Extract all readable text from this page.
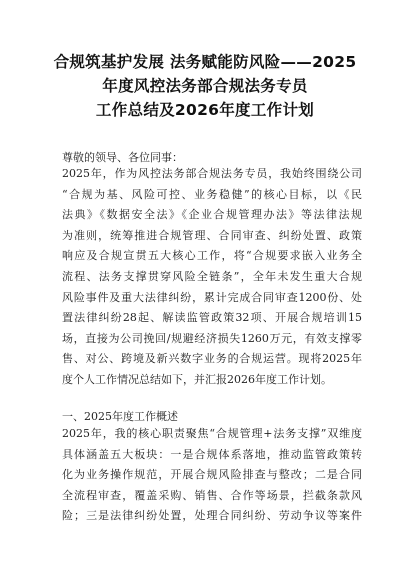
合规筑基护发展 法务赋能防风险——2025
年度风控法务部合规法务专员
工作总结及2026年度工作计划
尊敬的领导、各位同事：
2025年，作为风控法务部合规法务专员，我始终围绕公司
“合规为基、风险可控、业务稳健”的核心目标，以《民
法典》《数据安全法》《企业合规管理办法》等法律法规
为准则，统筹推进合规管理、合同审查、纠纷处置、政策
响应及合规宣贯五大核心工作，将“合规要求嵌入业务全
流程、法务支撑贯穿风险全链条”，全年未发生重大合规
风险事件及重大法律纠纷，累计完成合同审查1200份、处
置法律纠纷28起、解读监管政策32项、开展合规培训15
场，直接为公司挽回/规避经济损失1260万元，有效支撑零
售、对公、跨境及新兴数字业务的合规运营。现将2025年
度个人工作情况总结如下，并汇报2026年度工作计划。
一、2025年度工作概述
2025年，我的核心职责聚焦“合规管理+法务支撑”双维度
具体涵盖五大板块：一是合规体系落地，推动监管政策转
化为业务操作规范，开展合规风险排查与整改；二是合同
全流程审查，覆盖采购、销售、合作等场景，拦截条款风
险；三是法律纠纷处置，处理合同纠纷、劳动争议等案件
